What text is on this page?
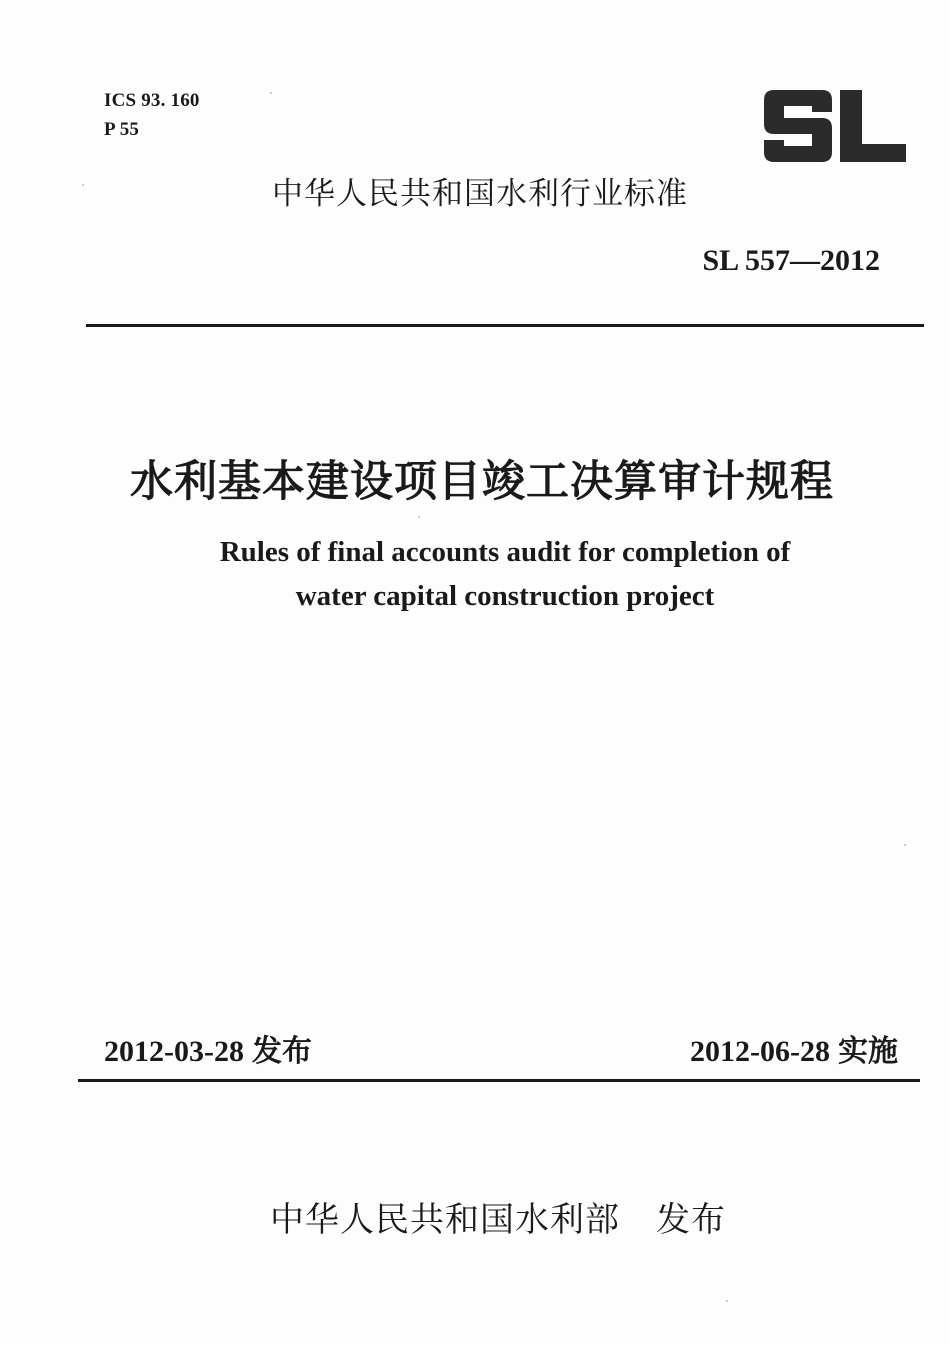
ICS 93. 160
P 55
中华人民共和国水利行业标准
SL 557—2012
水利基本建设项目竣工决算审计规程
Rules of final accounts audit for completion of
water capital construction project
2012-03-28 发布	2012-06-28 实施
中华人民共和国水利部 发布
